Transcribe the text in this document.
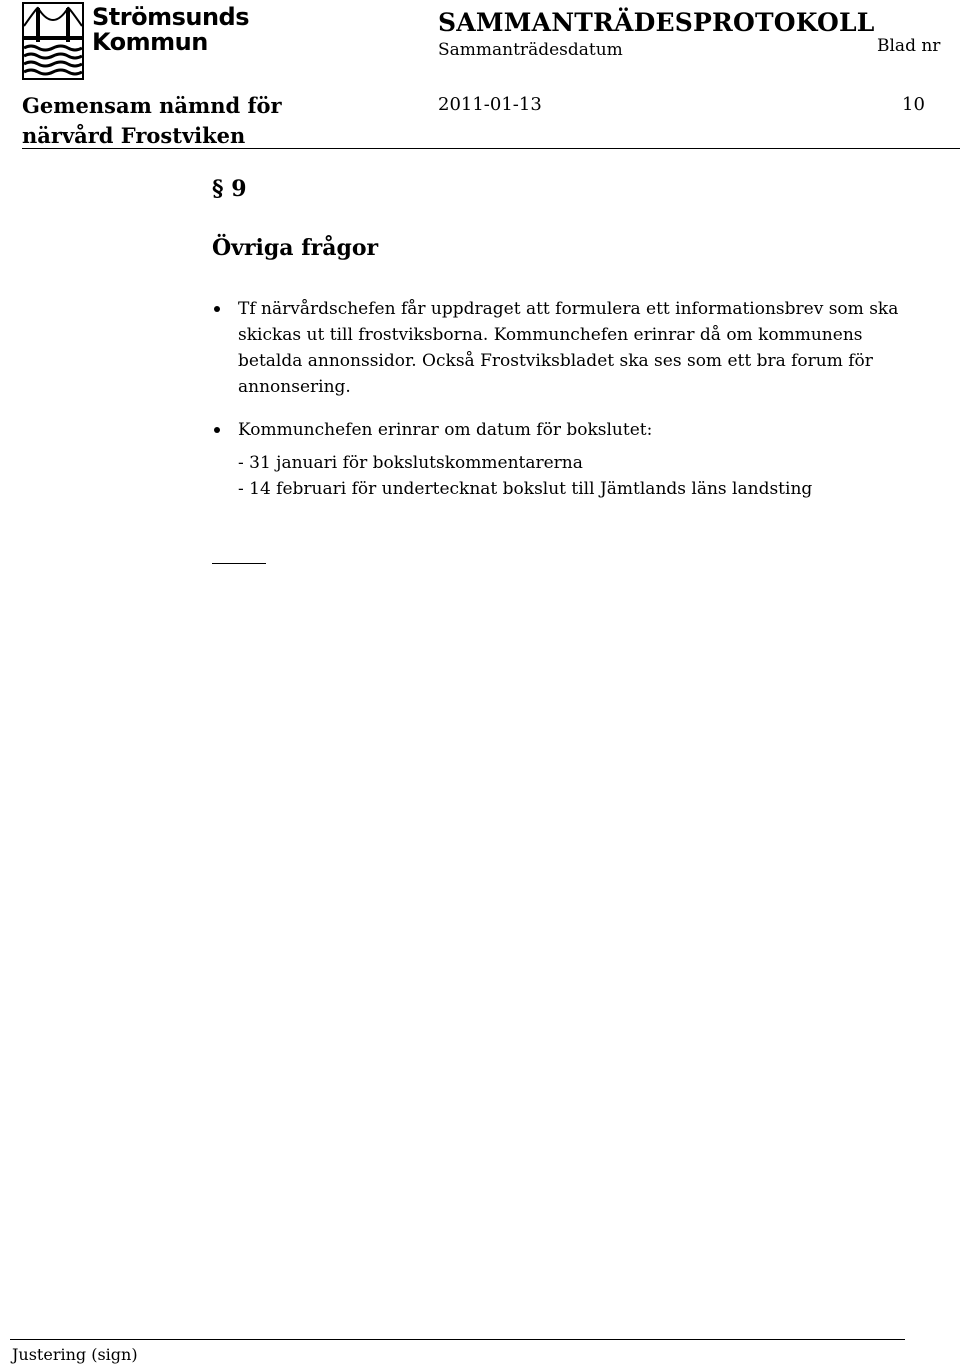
Strömsunds
Kommun
SAMMANTRÄDESPROTOKOLL
Sammanträdesdatum	Blad nr
Gemensam nämnd för
närvård Frostviken
2011-01-13	10
§ 9
Övriga frågor
Tf närvårdschefen får uppdraget att formulera ett informationsbrev som ska skickas ut till frostviksborna. Kommunchefen erinrar då om kommunens betalda annonssidor. Också Frostviksbladet ska ses som ett bra forum för annonsering.
Kommunchefen erinrar om datum för bokslutet:
- 31 januari för bokslutskommentarerna
- 14 februari för undertecknat bokslut till Jämtlands läns landsting
Justering (sign)
